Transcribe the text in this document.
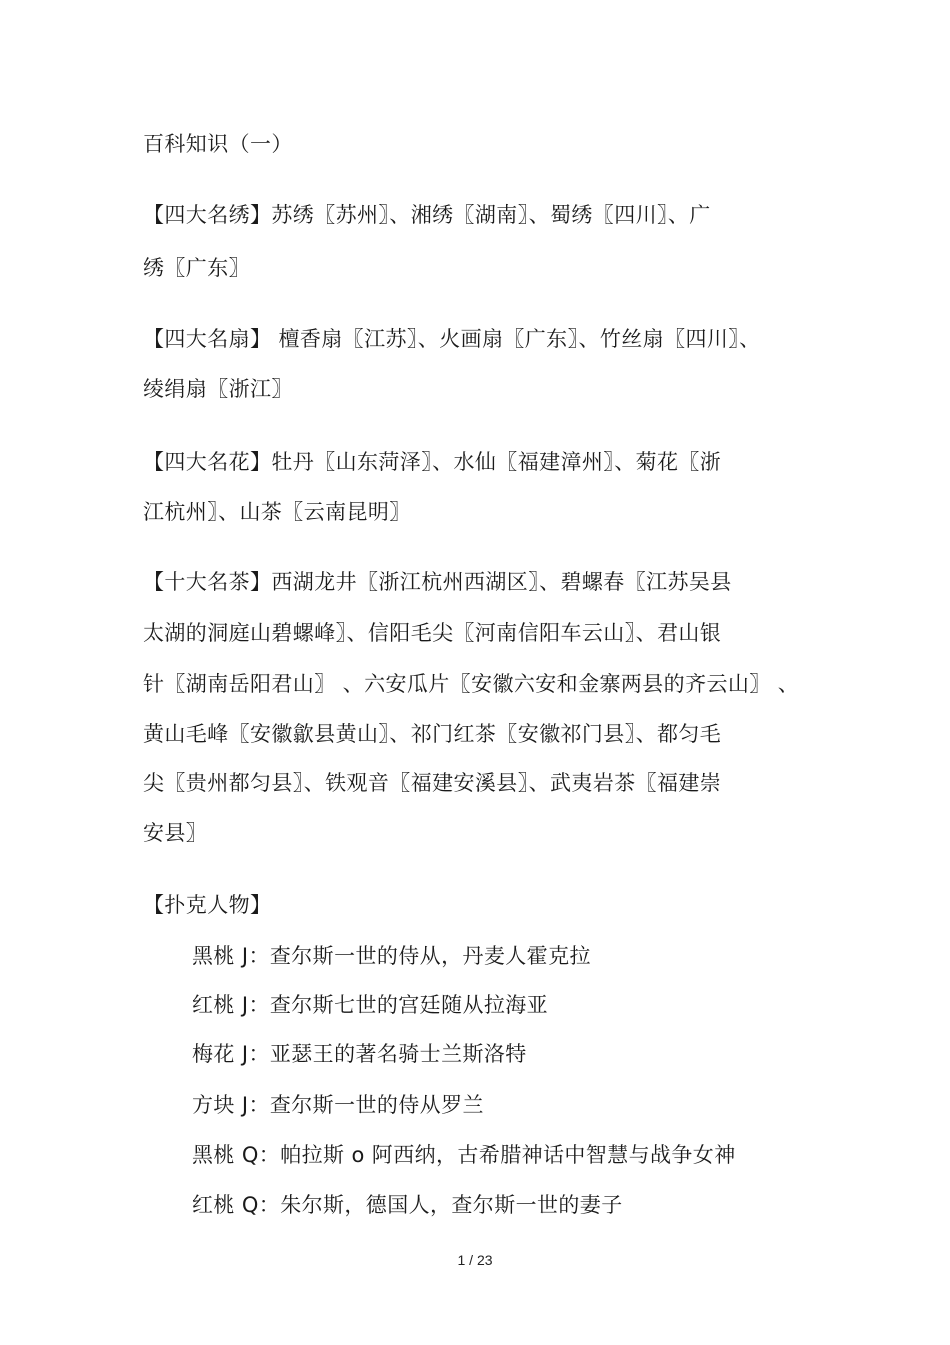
百科知识（一）
【四大名绣】苏绣〖苏州〗、湘绣〖湖南〗、蜀绣〖四川〗、广
绣〖广东〗
【四大名扇】 檀香扇〖江苏〗、火画扇〖广东〗、竹丝扇〖四川〗、
绫绢扇〖浙江〗
【四大名花】牡丹〖山东菏泽〗、水仙〖福建漳州〗、菊花〖浙
江杭州〗、山茶〖云南昆明〗
【十大名茶】西湖龙井〖浙江杭州西湖区〗、碧螺春〖江苏吴县
太湖的洞庭山碧螺峰〗、信阳毛尖〖河南信阳车云山〗、君山银
针〖湖南岳阳君山〗 、六安瓜片〖安徽六安和金寨两县的齐云山〗 、
黄山毛峰〖安徽歙县黄山〗、祁门红茶〖安徽祁门县〗、都匀毛
尖〖贵州都匀县〗、铁观音〖福建安溪县〗、武夷岩茶〖福建崇
安县〗
【扑克人物】
黑桃 J：查尔斯一世的侍从，丹麦人霍克拉
红桃 J：查尔斯七世的宫廷随从拉海亚
梅花 J：亚瑟王的著名骑士兰斯洛特
方块 J：查尔斯一世的侍从罗兰
黑桃 Q：帕拉斯 o 阿西纳，古希腊神话中智慧与战争女神
红桃 Q：朱尔斯，德国人，查尔斯一世的妻子
1 / 23
